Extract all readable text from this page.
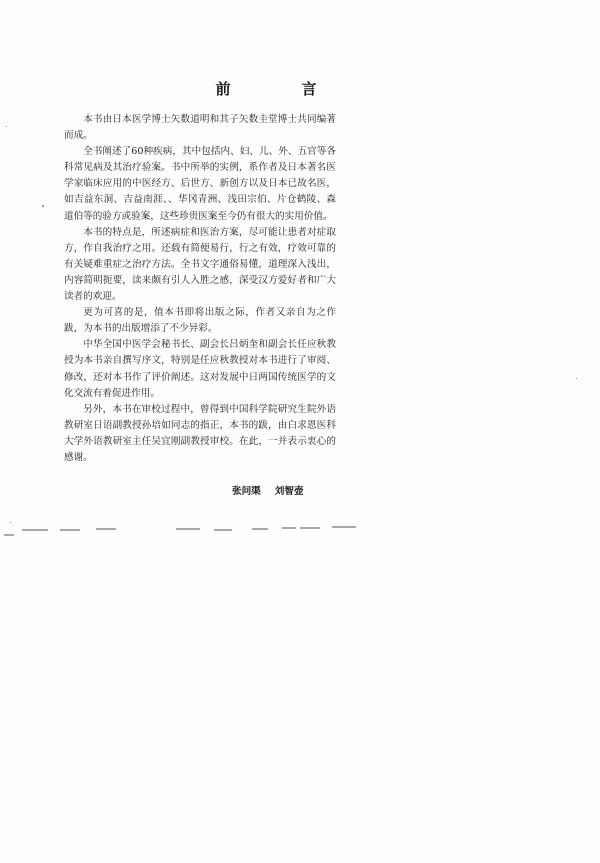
前　言

本书由日本医学博士矢数道明和其子矢数圭堂博士共同编著而成。

全书阐述了60种疾病，其中包括内、妇、儿、外、五官等各科常见病及其治疗验案。书中所举的实例，系作者及日本著名医学家临床应用的中医经方、后世方、新创方以及日本已故名医，如吉益东洞、吉益南涯、、华冈青洲、浅田宗伯、片仓鹤陵、森道伯等的验方或验案，这些珍贵医案至今仍有很大的实用价值。

本书的特点是，所述病症和医治方案，尽可能让患者对症取方，作自我治疗之用。还载有简便易行，行之有效，疗效可靠的有关疑难重症之治疗方法。全书文字通俗易懂，道理深入浅出，内容简明扼要，读来颇有引人入胜之感，深受汉方爱好者和广大读者的欢迎。

更为可喜的是，值本书即将出版之际，作者又亲自为之作跋，为本书的出版增添了不少异彩。

中华全国中医学会秘书长、副会长吕炳奎和副会长任应秋教授为本书亲自撰写序文，特别是任应秋教授对本书进行了审阅、修改，还对本书作了评价阐述。这对发展中日两国传统医学的文化交流有着促进作用。

另外，本书在审校过程中，曾得到中国科学院研究生院外语教研室日语副教授孙培如同志的指正，本书的跋，由白求恩医科大学外语教研室主任吴宜刚副教授审校。在此，一并表示衷心的感谢。

张问渠 刘智壶
